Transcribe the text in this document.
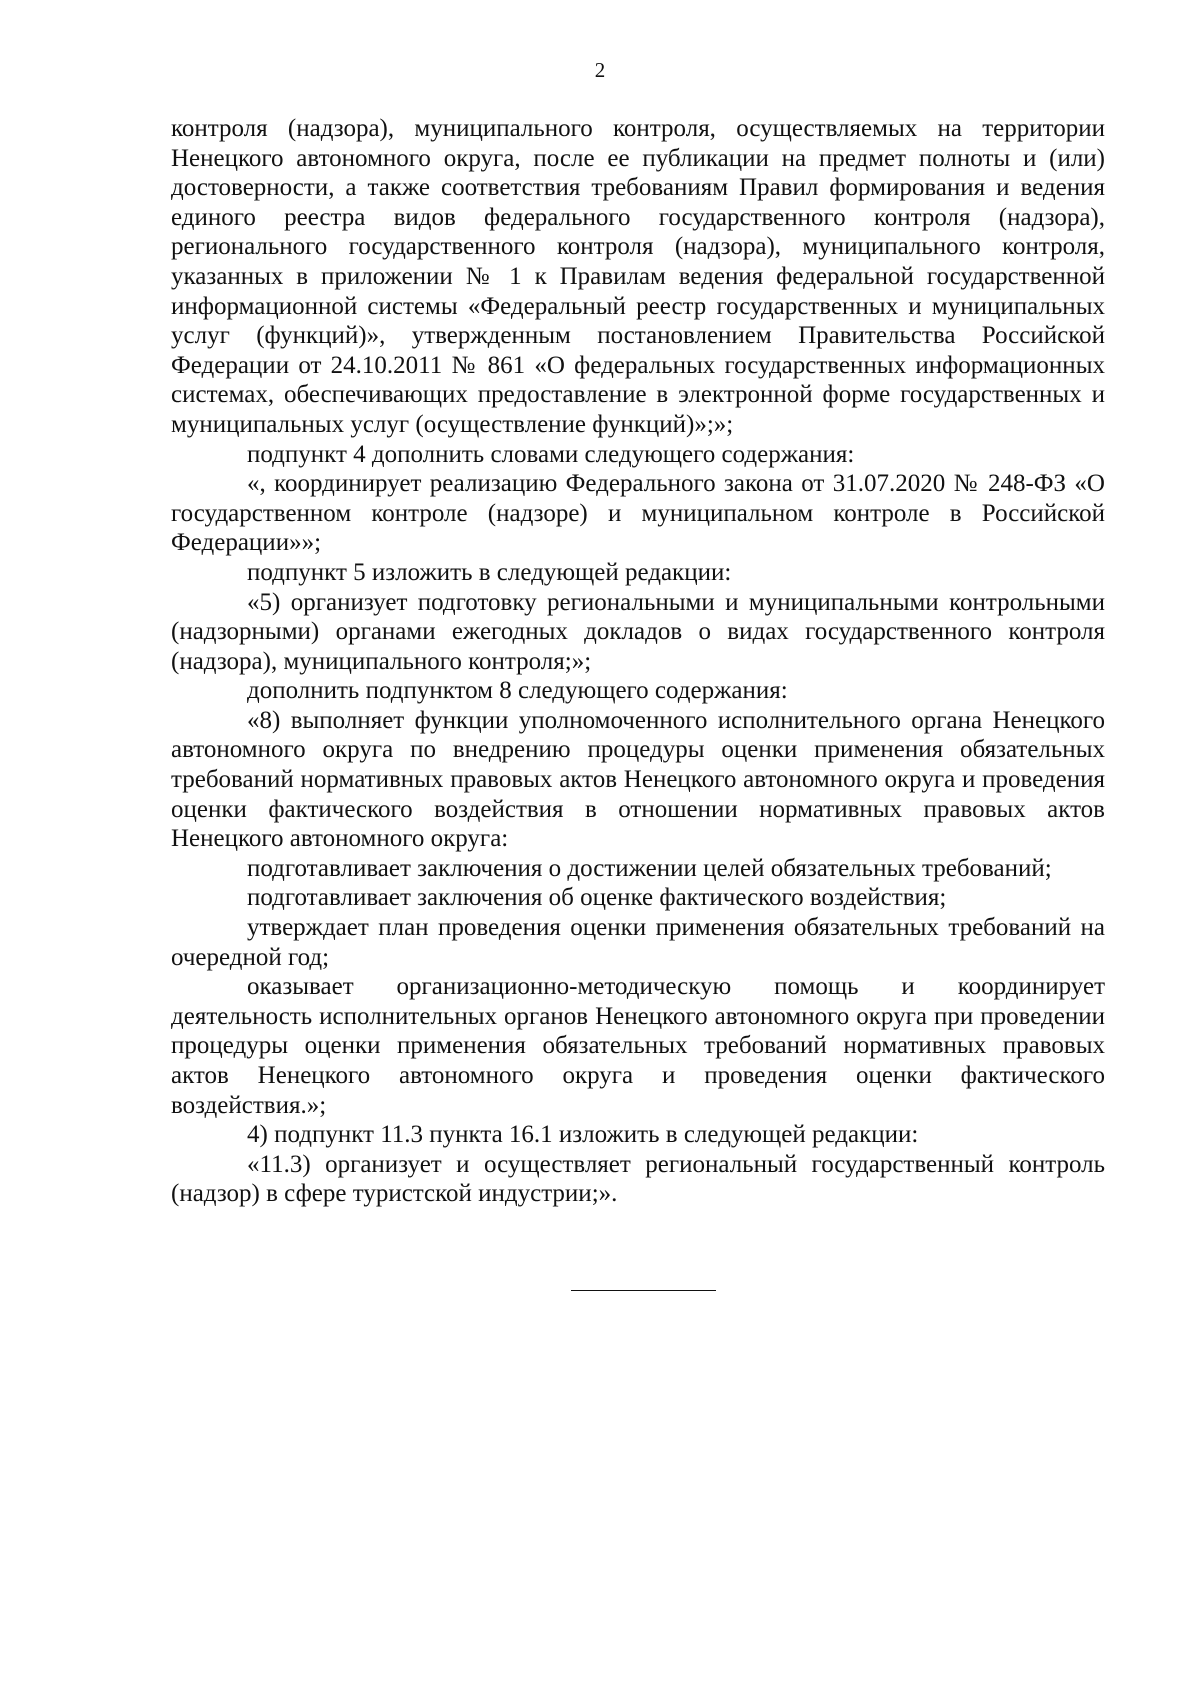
2

контроля (надзора), муниципального контроля, осуществляемых на территории Ненецкого автономного округа, после ее публикации на предмет полноты и (или) достоверности, а также соответствия требованиям Правил формирования и ведения единого реестра видов федерального государственного контроля (надзора), регионального государственного контроля (надзора), муниципального контроля, указанных в приложении № 1 к Правилам ведения федеральной государственной информационной системы «Федеральный реестр государственных и муниципальных услуг (функций)», утвержденным постановлением Правительства Российской Федерации от 24.10.2011 № 861 «О федеральных государственных информационных системах, обеспечивающих предоставление в электронной форме государственных и муниципальных услуг (осуществление функций)»;»;

подпункт 4 дополнить словами следующего содержания:

«, координирует реализацию Федерального закона от 31.07.2020 № 248-ФЗ «О государственном контроле (надзоре) и муниципальном контроле в Российской Федерации»»;

подпункт 5 изложить в следующей редакции:

«5) организует подготовку региональными и муниципальными контрольными (надзорными) органами ежегодных докладов о видах государственного контроля (надзора), муниципального контроля;»;

дополнить подпунктом 8 следующего содержания:

«8) выполняет функции уполномоченного исполнительного органа Ненецкого автономного округа по внедрению процедуры оценки применения обязательных требований нормативных правовых актов Ненецкого автономного округа и проведения оценки фактического воздействия в отношении нормативных правовых актов Ненецкого автономного округа:

подготавливает заключения о достижении целей обязательных требований;

подготавливает заключения об оценке фактического воздействия;

утверждает план проведения оценки применения обязательных требований на очередной год;

оказывает организационно-методическую помощь и координирует деятельность исполнительных органов Ненецкого автономного округа при проведении процедуры оценки применения обязательных требований нормативных правовых актов Ненецкого автономного округа и проведения оценки фактического воздействия.»;

4) подпункт 11.3 пункта 16.1 изложить в следующей редакции:

«11.3) организует и осуществляет региональный государственный контроль (надзор) в сфере туристской индустрии;».
